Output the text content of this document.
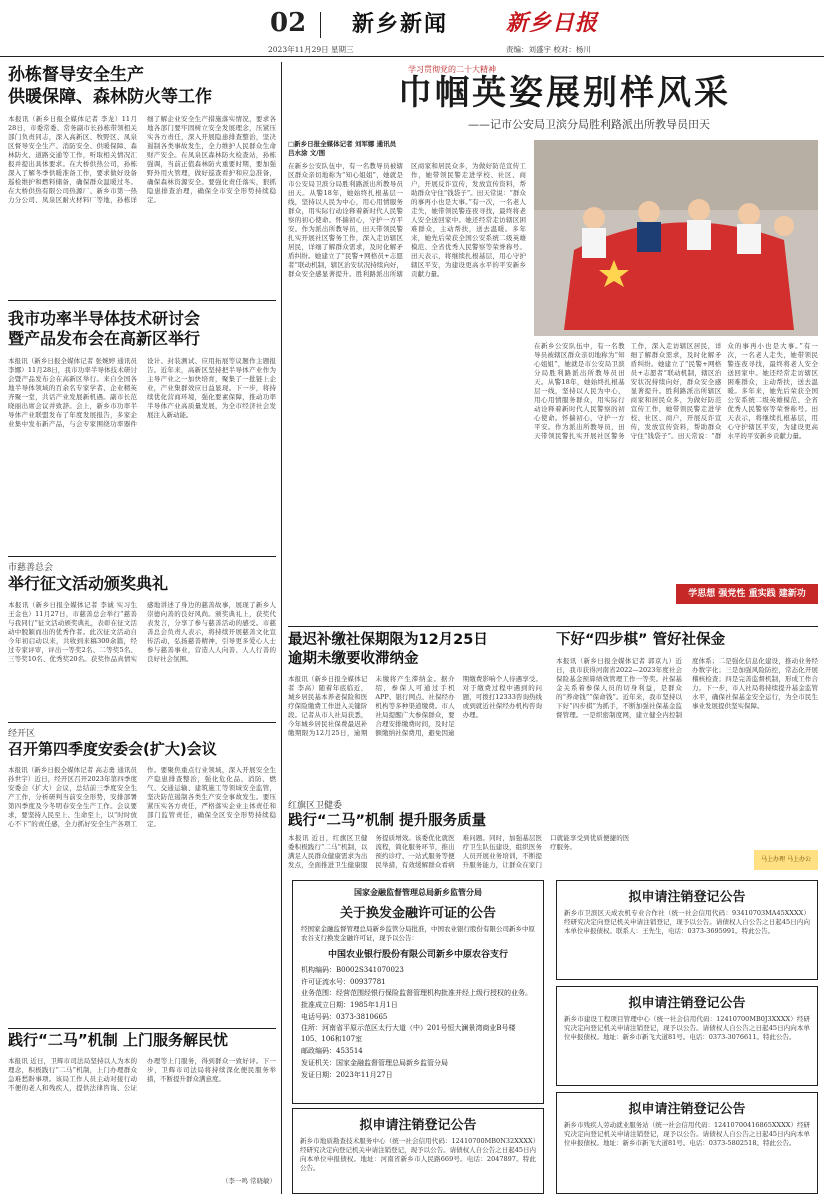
02 新乡新闻	新乡日报
2023年11月29日 星期三	责编：刘盛宇 校对：杨川
孙栋督导安全生产
供暖保障、森林防火等工作
本报讯（新乡日报全媒体记者 李龙）11月28日，市委常委、常务副市长孙栋带领相关部门负责同志，深入高新区、牧野区、凤泉区督导安全生产、消防安全、供暖保障、森林防火、道路交通等工作，听取相关情况汇报并提出具体要求。在大桥供热公司，孙栋深入了解冬季供暖准备工作，要求做好设备巡检维护和燃料储备，确保群众温暖过冬。在大桥供热有限公司热源厂、新乡市第一热力分公司、凤泉区耐火材料厂等地，孙栋详细了解企业安全生产措施落实情况，要求各地各部门要牢固树立安全发展理念，压紧压实各方责任，深入开展隐患排查整治，坚决遏制各类事故发生，全力维护人民群众生命财产安全。在凤泉区森林防火检查站，孙栋强调，当前正值森林防火重要时期，要加强野外用火管理，做好巡查看护和应急准备，确保森林资源安全。要强化责任落实，狠抓隐患排查治理，确保全市安全形势持续稳定。
我市功率半导体技术研讨会
暨产品发布会在高新区举行
本报讯（新乡日报全媒体记者 张婉婷 通讯员 李娜）11月28日，我市功率半导体技术研讨会暨产品发布会在高新区举行。来自全国各地半导体领域的百余名专家学者、企业精英齐聚一堂，共话产业发展新机遇。副市长范晓丽出席会议并致辞。会上，新乡市功率半导体产业联盟发布了年度发展报告，多家企业集中发布新产品，与会专家围绕功率器件设计、封装测试、应用拓展等议题作主题报告。近年来，高新区坚持把半导体产业作为主导产业之一加快培育，聚集了一批链上企业，产业集群效应日益显现。下一步，将持续优化营商环境，强化要素保障，推动功率半导体产业高质量发展，为全市经济社会发展注入新动能。
市慈善总会
举行征文活动颁奖典礼
本报讯（新乡日报全媒体记者 李诚 实习生 王金也）11月27日，市慈善总会举行“慈善与我同行”征文活动颁奖典礼，表彰在征文活动中脱颖而出的优秀作者。此次征文活动自今年初启动以来，共收到来稿300余篇，经过专家评审，评出一等奖2名、二等奖5名、三等奖10名、优秀奖20名。获奖作品真情实感地讲述了身边的慈善故事，展现了新乡人崇德向善的良好风尚。颁奖典礼上，获奖代表发言，分享了参与慈善活动的感受。市慈善总会负责人表示，将持续开展慈善文化宣传活动，弘扬慈善精神，引导更多爱心人士参与慈善事业，营造人人向善、人人行善的良好社会氛围。
经开区
召开第四季度安委会(扩大)会议
本报讯（新乡日报全媒体记者 高志勇 通讯员 孙世宇）近日，经开区召开2023年第四季度安委会（扩大）会议，总结前三季度安全生产工作，分析研判当前安全形势，安排部署第四季度及今冬明春安全生产工作。会议要求，要坚持人民至上、生命至上，以“时时放心不下”的责任感，全力抓好安全生产各项工作。要聚焦重点行业领域，深入开展安全生产隐患排查整治，强化危化品、消防、燃气、交通运输、建筑施工等领域安全监管，坚决防范遏制各类生产安全事故发生。要压紧压实各方责任，严格落实企业主体责任和部门监管责任，确保全区安全形势持续稳定。
践行“二马”机制 上门服务解民忧
本报讯 近日，卫辉市司法局坚持以人为本的理念，积极践行“二马”机制，上门办理群众急难愁盼事项。该局工作人员主动对接行动不便的老人和残疾人，提供法律咨询、公证办理等上门服务，得到群众一致好评。下一步，卫辉市司法局将持续深化便民服务举措，不断提升群众满意度。
（李一鸣 常晓敏）
学习贯彻党的二十大精神
巾帼英姿展别样风采
——记市公安局卫滨分局胜利路派出所教导员田天
□新乡日报全媒体记者 刘军娜 通讯员 吕水涂 文/图
在新乡公安队伍中，有一名教导员被辖区群众亲切地称为“知心姐姐”，她就是市公安局卫滨分局胜利路派出所教导员田天。从警18年，她始终扎根基层一线，坚持以人民为中心，用心用情服务群众，用实际行动诠释着新时代人民警察的初心使命。怀揣初心，守护一方平安。作为派出所教导员，田天带领民警扎实开展社区警务工作，深入走访辖区居民，详细了解群众需求，及时化解矛盾纠纷。她建立了“民警+网格员+志愿者”联动机制，辖区治安状况持续向好，群众安全感显著提升。胜利路派出所辖区商家和居民众多，为做好防范宣传工作，她带领民警走进学校、社区、商户，开展反诈宣传，发放宣传资料，帮助群众守住“钱袋子”。田天常说：“群众的事再小也是大事。”有一次，一名老人走失，她带领民警连夜寻找，最终将老人安全送回家中。她还经常走访辖区困难群众，主动帮扶，送去温暖。多年来，她先后荣获全国公安系统二级英雄模范、全省优秀人民警察等荣誉称号。田天表示，将继续扎根基层，用心守护辖区平安，为建设更高水平的平安新乡贡献力量。
在新乡公安队伍中，有一名教导员被辖区群众亲切地称为“知心姐姐”，她就是市公安局卫滨分局胜利路派出所教导员田天。从警18年，她始终扎根基层一线，坚持以人民为中心，用心用情服务群众，用实际行动诠释着新时代人民警察的初心使命。怀揣初心，守护一方平安。作为派出所教导员，田天带领民警扎实开展社区警务工作，深入走访辖区居民，详细了解群众需求，及时化解矛盾纠纷。她建立了“民警+网格员+志愿者”联动机制，辖区治安状况持续向好，群众安全感显著提升。胜利路派出所辖区商家和居民众多，为做好防范宣传工作，她带领民警走进学校、社区、商户，开展反诈宣传，发放宣传资料，帮助群众守住“钱袋子”。田天常说：“群众的事再小也是大事。”有一次，一名老人走失，她带领民警连夜寻找，最终将老人安全送回家中。她还经常走访辖区困难群众，主动帮扶，送去温暖。多年来，她先后荣获全国公安系统二级英雄模范、全省优秀人民警察等荣誉称号。田天表示，将继续扎根基层，用心守护辖区平安，为建设更高水平的平安新乡贡献力量。
学思想 强党性 重实践 建新功
最迟补缴社保期限为12月25日
逾期未缴要收滞纳金
本报讯（新乡日报全媒体记者 李高）随着年底临近，城乡居民基本养老保险和医疗保险缴费工作进入关键阶段。记者从市人社局获悉，今年城乡居民社保费最迟补缴期限为12月25日，逾期未缴将产生滞纳金。据介绍，参保人可通过手机APP、银行网点、社保经办机构等多种渠道缴费。市人社局提醒广大参保群众，要合理安排缴费时间，及时足额缴纳社保费用，避免因逾期缴费影响个人待遇享受。对于缴费过程中遇到的问题，可拨打12333咨询热线或到就近社保经办机构咨询办理。
下好“四步棋” 管好社保金
本报讯（新乡日报全媒体记者 郭京九）近日，我市获得河南省2022—2023年度社会保险基金预算绩效管理工作一等奖。社保基金关系着参保人员的切身利益，是群众的“养命钱”“保命钱”。近年来，我市坚持以下好“四步棋”为抓手，不断加强社保基金监督管理。一是织密制度网，建立健全内控制度体系；二是强化信息化建设，推动业务经办数字化；三是加强风险防控，常态化开展稽核检查；四是完善监督机制，形成工作合力。下一步，市人社局将持续提升基金监管水平，确保社保基金安全运行，为全市民生事业发展提供坚实保障。
红旗区卫健委
践行“二马”机制 提升服务质量
本报讯 近日，红旗区卫健委积极践行“二马”机制，以满足人民群众健康需求为出发点，全面推进卫生健康服务提质增效。该委优化就医流程，简化服务环节，推出预约诊疗、一站式服务等便民举措，有效缓解群众看病难问题。同时，加强基层医疗卫生队伍建设，组织医务人员开展业务培训，不断提升服务能力，让群众在家门口就能享受到优质便捷的医疗服务。
马上办理 马上办公
国家金融监督管理总局新乡监管分局
关于换发金融许可证的公告
经国家金融监督管理总局新乡监管分局批准，中国农业银行股份有限公司新乡中原农谷支行换发金融许可证，现予以公告：
中国农业银行股份有限公司新乡中原农谷支行
机构编码：B0002S341070023
许可证流水号：00937781
业务范围：经营范围经银行保险监督管理机构批准并经上级行授权的业务。
批准成立日期：1985年1月1日
电话号码：0373-3810665
住所：河南省平原示范区太行大道（中）201号恒大澜景湾商业B号楼105、106和107室
邮政编码：453514
发证机关：国家金融监督管理总局新乡监管分局
发证日期：2023年11月27日
拟申请注销登记公告
新乡市地质勘查技术服务中心（统一社会信用代码：12410700MB0N32XXXX）经研究决定向登记机关申请注销登记，现予以公告。请债权人自公告之日起45日内向本单位申报债权。地址：河南省新乡市人民路669号。电话：2047897。特此公告。
拟申请注销登记公告
新乡市卫滨区天成农机专业合作社（统一社会信用代码：93410703MA45XXXX）经研究决定向登记机关申请注销登记，现予以公告。请债权人自公告之日起45日内向本单位申报债权。联系人：王先生，电话：0373-3695991。特此公告。
拟申请注销登记公告
新乡市建设工程项目管理中心（统一社会信用代码：12410700MB0J3XXXX）经研究决定向登记机关申请注销登记，现予以公告。请债权人自公告之日起45日内向本单位申报债权。地址：新乡市新飞大道81号。电话：0373-3076611。特此公告。
拟申请注销登记公告
新乡市残疾人劳动就业服务站（统一社会信用代码：12410700416865XXXX）经研究决定向登记机关申请注销登记，现予以公告。请债权人自公告之日起45日内向本单位申报债权。地址：新乡市新飞大道81号。电话：0373-5802518。特此公告。
